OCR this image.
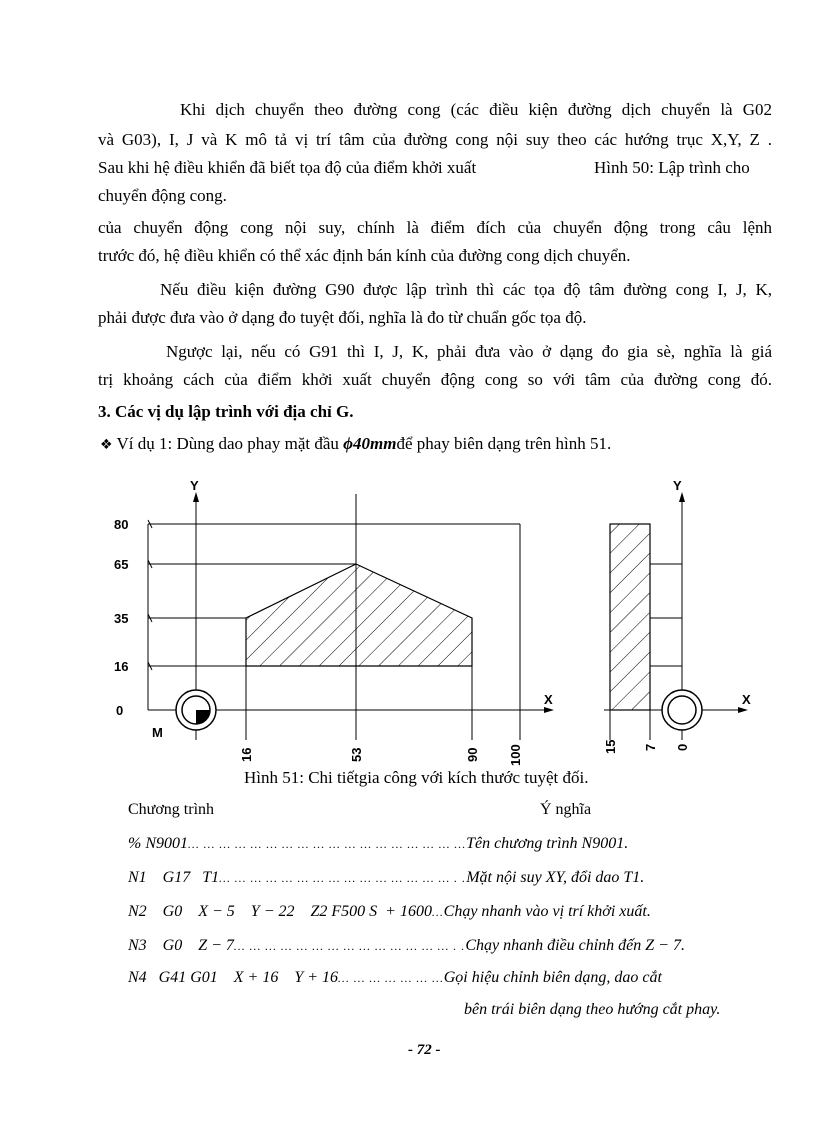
Khi dịch chuyển theo đường cong (các điều kiện đường dịch chuyển là G02
và G03), I, J và K mô tả vị trí tâm của đường cong nội suy theo các hướng trục X,Y, Z .
Sau khi hệ điều khiển đã biết tọa độ của điểm khởi xuất	Hình 50: Lập trình cho
chuyển động cong.
của chuyển động cong nội suy, chính là điểm đích của chuyển động trong câu lệnh
trước đó, hệ điều khiển có thể xác định bán kính của đường cong dịch chuyển.
Nếu điều kiện đường G90 được lập trình thì các tọa độ tâm đường cong I, J, K,
phải được đưa vào ở dạng đo tuyệt đối, nghĩa là đo từ chuẩn gốc tọa độ.
Ngược lại, nếu có G91 thì I, J, K, phải đưa vào ở dạng đo gia sè, nghĩa là giá
trị khoảng cách của điểm khởi xuất chuyển động cong so với tâm của đường cong đó.
3. Các vị dụ lập trình với địa chỉ G.
❖ Ví dụ 1: Dùng dao phay mặt đầu ϕ40mmđể phay biên dạng trên hình 51.
Y
X
80
65
35
16
0
M
16	53	90 100
Y
X
15 7 0
Hình 51: Chi tiếtgia công với kích thước tuyệt đối.
Chương trình	Ý nghĩa
% N9001… … … … … … … … … … … … … … … … … …Tên chương trình N9001.
N1    G17   T1… … … … … … … … … … … … … … … . .Mặt nội suy XY, đổi dao T1.
N2    G0    X − 5    Y − 22    Z2 F500 S  + 1600…Chạy nhanh vào vị trí khởi xuất.
N3    G0    Z − 7… … … … … … … … … … … … … … . .Chạy nhanh điều chỉnh đến Z − 7.
N4   G41 G01    X + 16    Y + 16… … … … … … …Gọi hiệu chỉnh biên dạng, dao cắt
bên trái biên dạng theo hướng cắt phay.
- 72 -
